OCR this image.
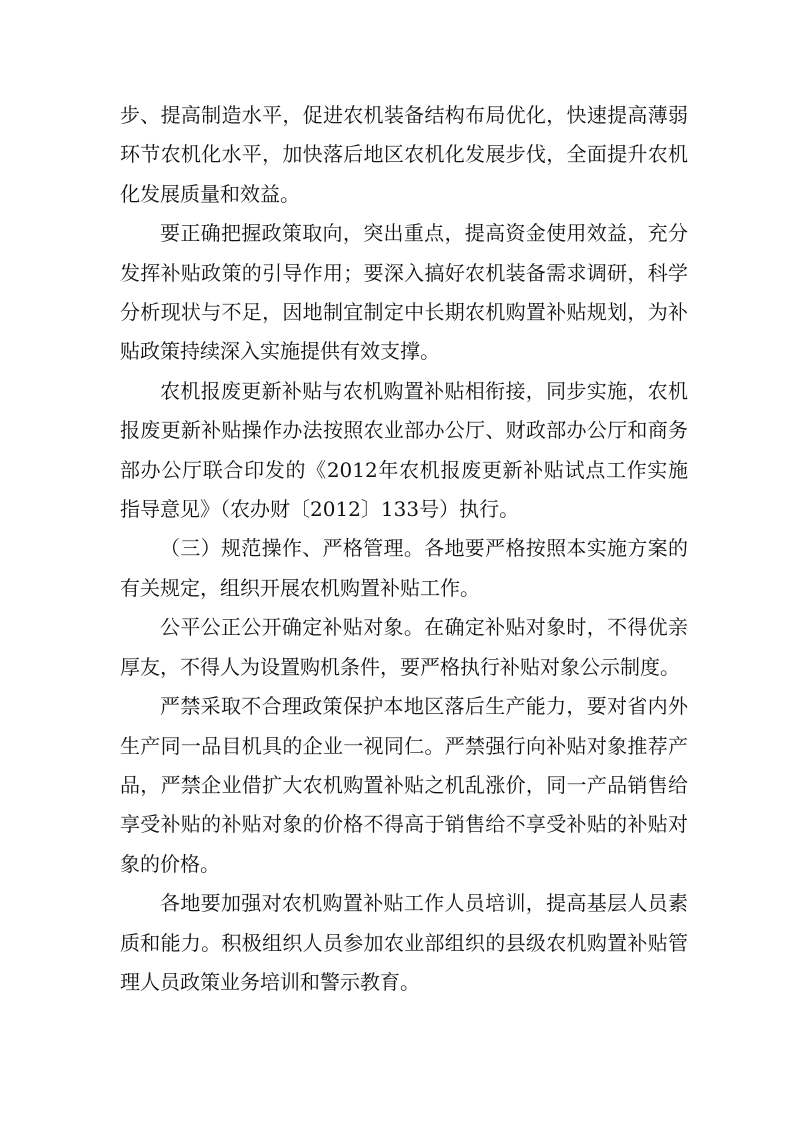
步、提高制造水平，促进农机装备结构布局优化，快速提高薄弱环节农机化水平，加快落后地区农机化发展步伐，全面提升农机化发展质量和效益。

要正确把握政策取向，突出重点，提高资金使用效益，充分发挥补贴政策的引导作用；要深入搞好农机装备需求调研，科学分析现状与不足，因地制宜制定中长期农机购置补贴规划，为补贴政策持续深入实施提供有效支撑。

农机报废更新补贴与农机购置补贴相衔接，同步实施，农机报废更新补贴操作办法按照农业部办公厅、财政部办公厅和商务部办公厅联合印发的《2012年农机报废更新补贴试点工作实施指导意见》（农办财〔2012〕133号）执行。

（三）规范操作、严格管理。各地要严格按照本实施方案的有关规定，组织开展农机购置补贴工作。

公平公正公开确定补贴对象。在确定补贴对象时，不得优亲厚友，不得人为设置购机条件，要严格执行补贴对象公示制度。

严禁采取不合理政策保护本地区落后生产能力，要对省内外生产同一品目机具的企业一视同仁。严禁强行向补贴对象推荐产品，严禁企业借扩大农机购置补贴之机乱涨价，同一产品销售给享受补贴的补贴对象的价格不得高于销售给不享受补贴的补贴对象的价格。

各地要加强对农机购置补贴工作人员培训，提高基层人员素质和能力。积极组织人员参加农业部组织的县级农机购置补贴管理人员政策业务培训和警示教育。
